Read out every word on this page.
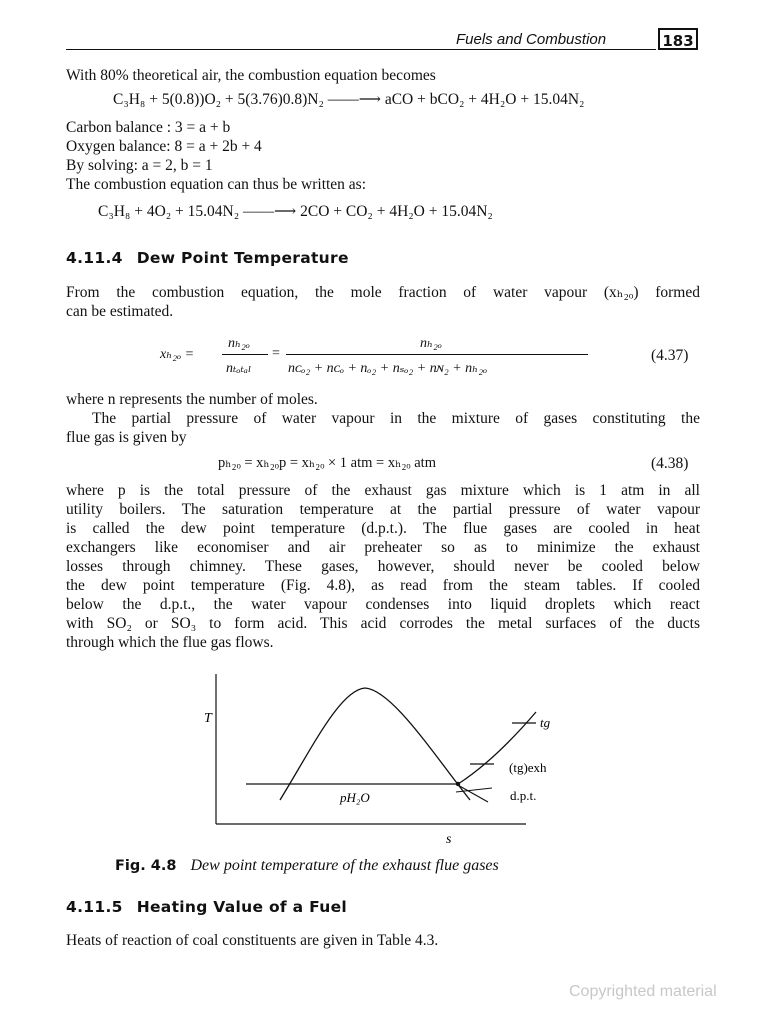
Fuels and Combustion	183
With 80% theoretical air, the combustion equation becomes
C₃H₈ + 5(0.8))O₂ + 5(3.76)0.8)N₂ ——⟶ aCO + bCO₂ + 4H₂O + 15.04N₂
Carbon balance : 3 = a + b
Oxygen balance: 8 = a + 2b + 4
By solving: a = 2, b = 1
The combustion equation can thus be written as:
C₃H₈ + 4O₂ + 15.04N₂ ——⟶ 2CO + CO₂ + 4H₂O + 15.04N₂
4.11.4 Dew Point Temperature
From the combustion equation, the mole fraction of water vapour (xₕ₂ₒ) formed
can be estimated.
xₕ₂ₒ =
nₕ₂ₒ
nₜₒₜₐₗ
=
nₕ₂ₒ
nᴄₒ₂ + nᴄₒ + nₒ₂ + nₛₒ₂ + nɴ₂ + nₕ₂ₒ
(4.37)
where n represents the number of moles.
The partial pressure of water vapour in the mixture of gases constituting the
flue gas is given by
pₕ₂ₒ = xₕ₂ₒp = xₕ₂ₒ × 1 atm = xₕ₂ₒ atm	(4.38)
where p is the total pressure of the exhaust gas mixture which is 1 atm in all
utility boilers. The saturation temperature at the partial pressure of water vapour
is called the dew point temperature (d.p.t.). The flue gases are cooled in heat
exchangers like economiser and air preheater so as to minimize the exhaust
losses through chimney. These gases, however, should never be cooled below
the dew point temperature (Fig. 4.8), as read from the steam tables. If cooled
below the d.p.t., the water vapour condenses into liquid droplets which react
with SO₂ or SO₃ to form acid. This acid corrodes the metal surfaces of the ducts
through which the flue gas flows.
T
s
tg
(tg)exh
d.p.t.
pH₂O
Fig. 4.8 Dew point temperature of the exhaust flue gases
4.11.5 Heating Value of a Fuel
Heats of reaction of coal constituents are given in Table 4.3.
Copyrighted material
